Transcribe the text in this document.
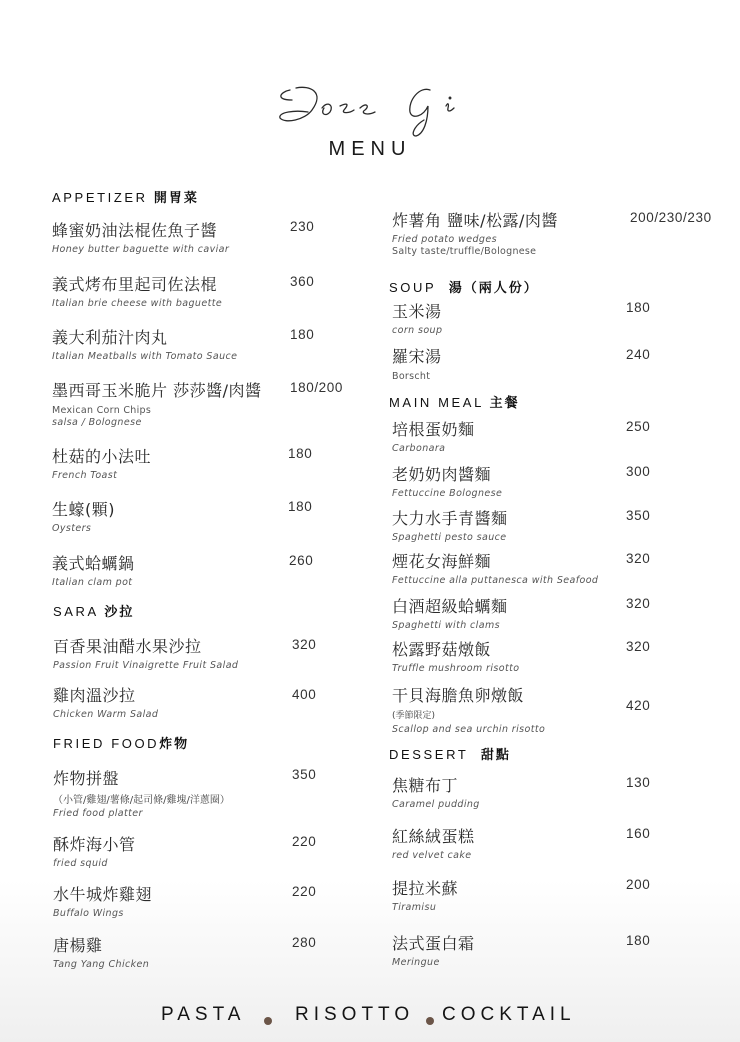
MENU
APPETIZER 開胃菜
蜂蜜奶油法棍佐魚子醬
Honey butter baguette with caviar
230
義式烤布里起司佐法棍
Italian brie cheese with baguette
360
義大利茄汁肉丸
Italian Meatballs with Tomato Sauce
180
墨西哥玉米脆片 莎莎醬/肉醬
Mexican Corn Chips
salsa / Bolognese
180/200
杜菇的小法吐
French Toast
180
生蠔(顆)
Oysters
180
義式蛤蠣鍋
Italian clam pot
260
SARA 沙拉
百香果油醋水果沙拉
Passion Fruit Vinaigrette Fruit Salad
320
雞肉溫沙拉
Chicken Warm Salad
400
FRIED FOOD炸物
炸物拼盤
（小管/雞翅/薯條/起司條/雞塊/洋蔥圈）
Fried food platter
350
酥炸海小管
fried squid
220
水牛城炸雞翅
Buffalo Wings
220
唐楊雞
Tang Yang Chicken
280
炸薯角 鹽味/松露/肉醬
Fried potato wedges
Salty taste/truffle/Bolognese
200/230/230
SOUP 湯（兩人份）
玉米湯
corn soup
180
羅宋湯
Borscht
240
MAIN MEAL 主餐
培根蛋奶麵
Carbonara
250
老奶奶肉醬麵
Fettuccine Bolognese
300
大力水手青醬麵
Spaghetti pesto sauce
350
煙花女海鮮麵
Fettuccine alla puttanesca with Seafood
320
白酒超級蛤蠣麵
Spaghetti with clams
320
松露野菇燉飯
Truffle mushroom risotto
320
干貝海膽魚卵燉飯
(季節限定)
Scallop and sea urchin risotto
420
DESSERT 甜點
焦糖布丁
Caramel pudding
130
紅絲絨蛋糕
red velvet cake
160
提拉米蘇
Tiramisu
200
法式蛋白霜
Meringue
180
PASTA	RISOTTO COCKTAIL
